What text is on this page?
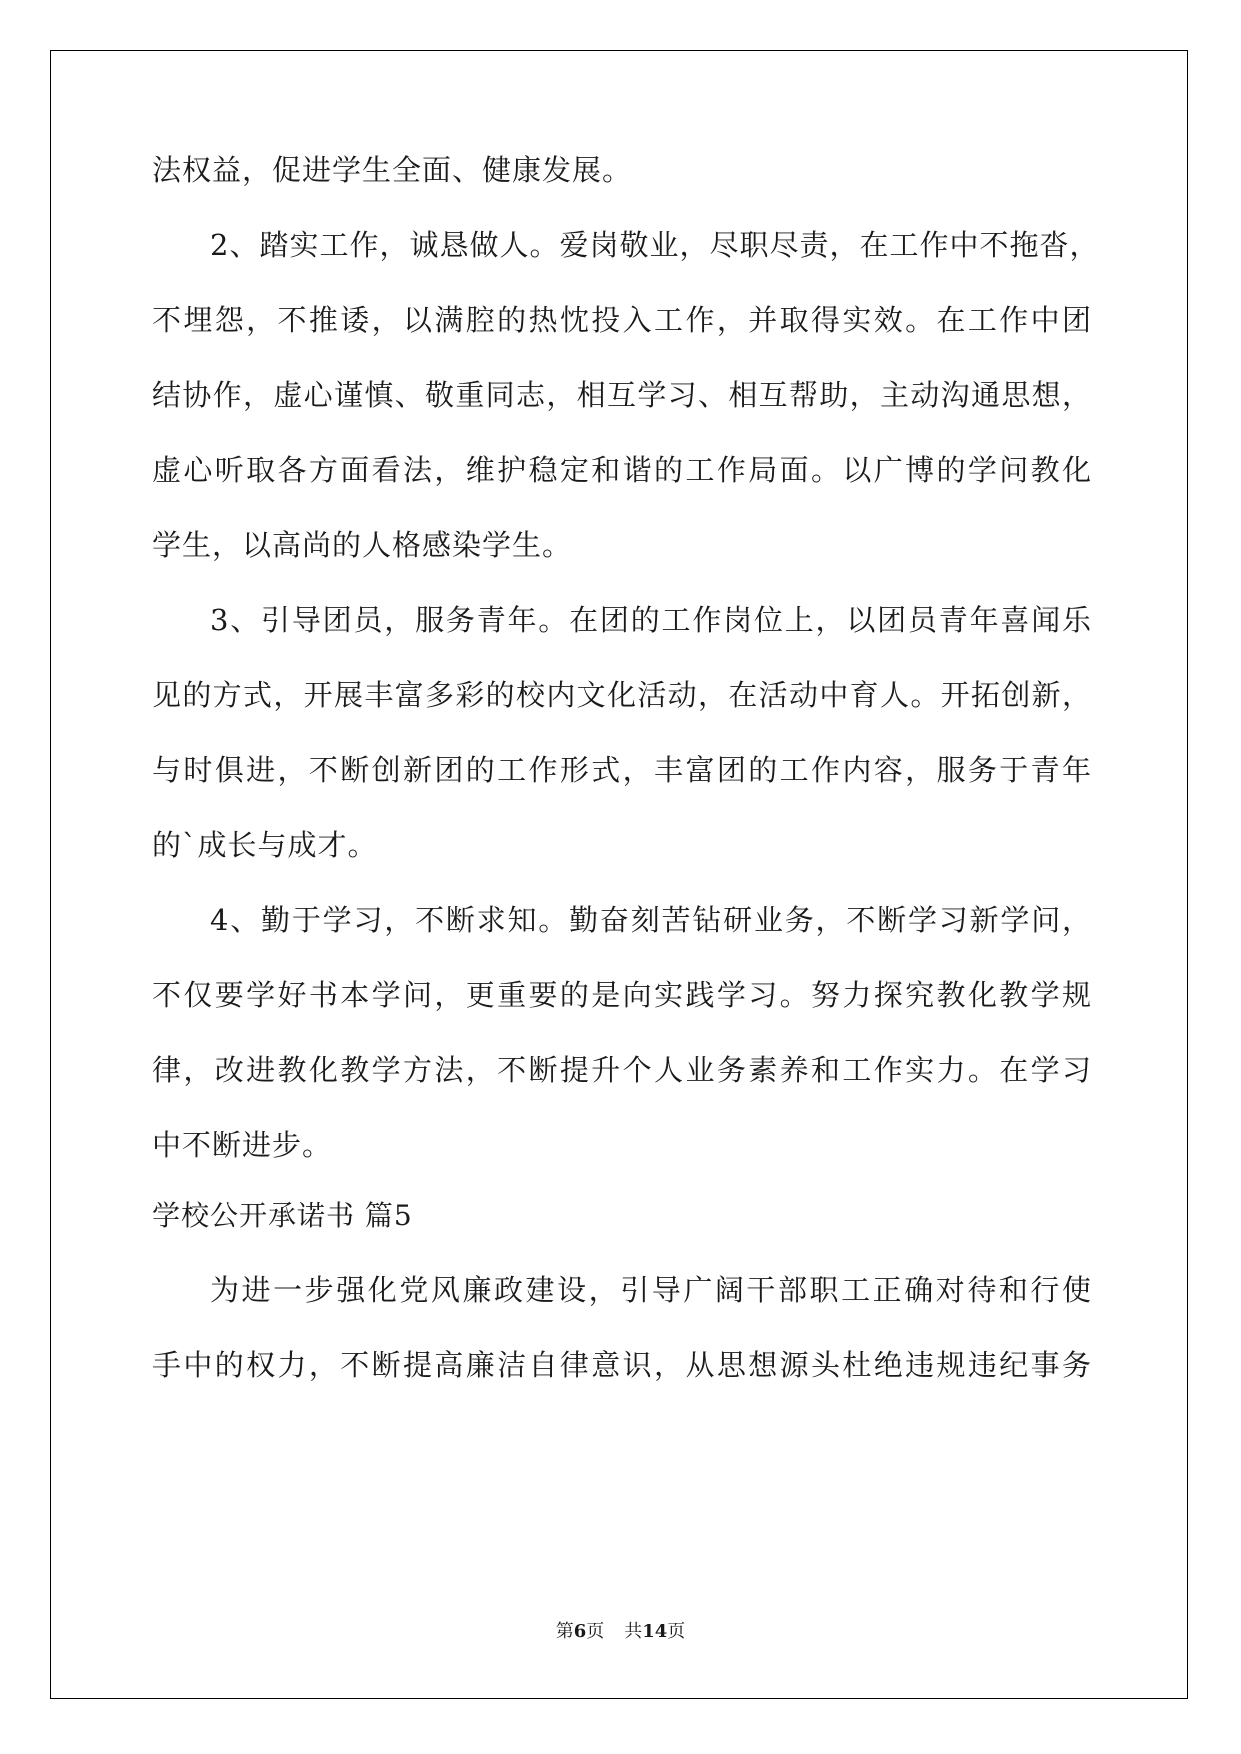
法权益，促进学生全面、健康发展。

2、踏实工作，诚恳做人。爱岗敬业，尽职尽责，在工作中不拖沓，

不埋怨，不推诿，以满腔的热忱投入工作，并取得实效。在工作中团

结协作，虚心谨慎、敬重同志，相互学习、相互帮助，主动沟通思想，

虚心听取各方面看法，维护稳定和谐的工作局面。以广博的学问教化

学生，以高尚的人格感染学生。

3、引导团员，服务青年。在团的工作岗位上，以团员青年喜闻乐

见的方式，开展丰富多彩的校内文化活动，在活动中育人。开拓创新，

与时俱进，不断创新团的工作形式，丰富团的工作内容，服务于青年

的`成长与成才。

4、勤于学习，不断求知。勤奋刻苦钻研业务，不断学习新学问，

不仅要学好书本学问，更重要的是向实践学习。努力探究教化教学规

律，改进教化教学方法，不断提升个人业务素养和工作实力。在学习

中不断进步。

学校公开承诺书 篇5

为进一步强化党风廉政建设，引导广阔干部职工正确对待和行使

手中的权力，不断提高廉洁自律意识，从思想源头杜绝违规违纪事务

第6页 共14页
